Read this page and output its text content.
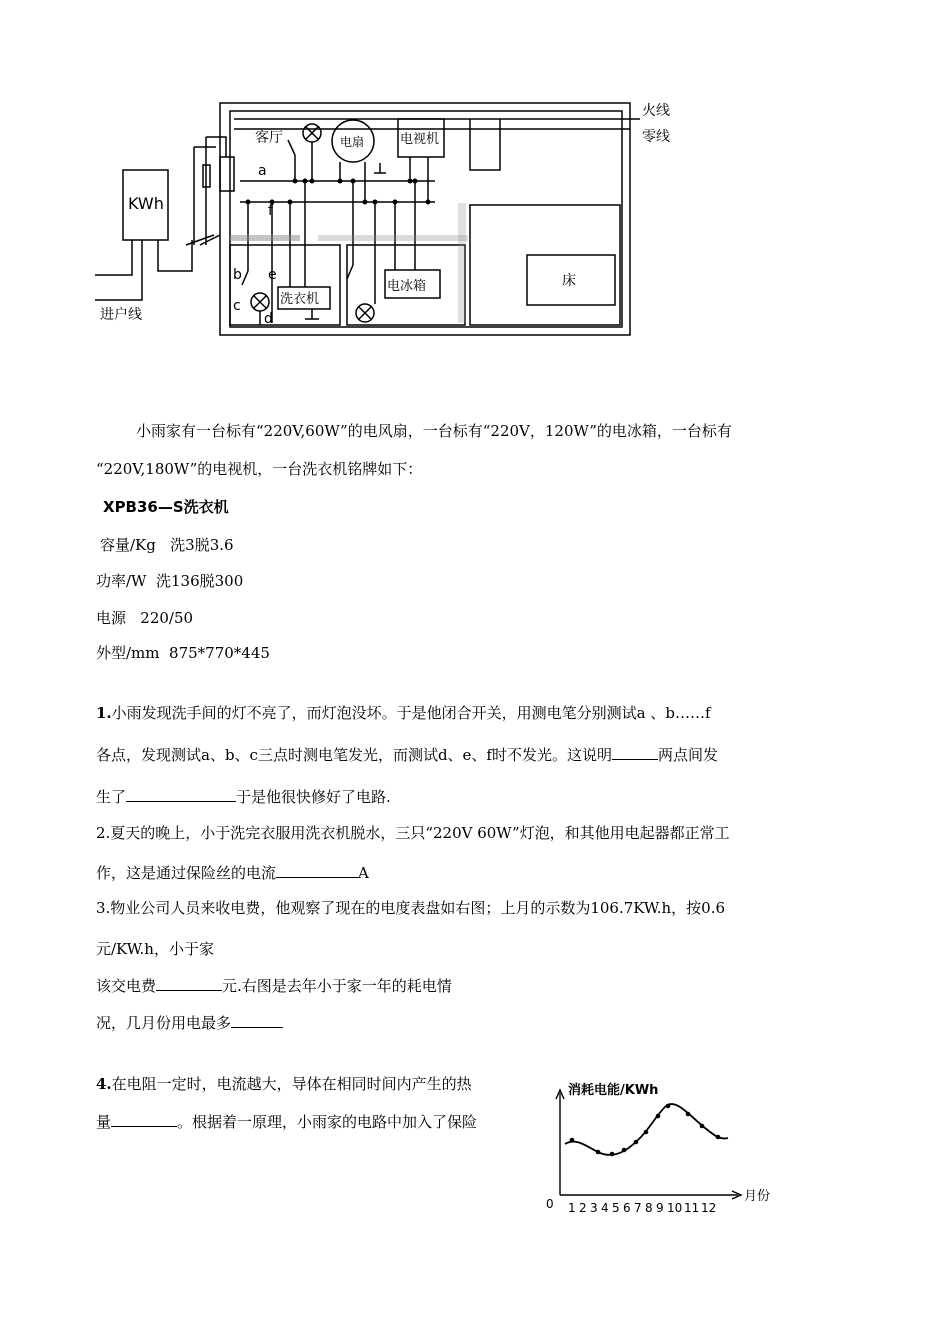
火线
零线
KWh
进户线
客厅	电扇	电视机
电冰箱
洗衣机
床
a
f
b
c
d
e
小雨家有一台标有“220V,60W”的电风扇，一台标有“220V，120W”的电冰箱，一台标有
“220V,180W”的电视机，一台洗衣机铭牌如下：
XPB36—S洗衣机
容量/Kg   洗3脱3.6
功率/W  洗136脱300
电源   220/50
外型/mm  875*770*445
1.小雨发现洗手间的灯不亮了，而灯泡没坏。于是他闭合开关，用测电笔分别测试a 、b……f
各点，发现测试a、b、c三点时测电笔发光，而测试d、e、f时不发光。这说明	两点间发
生了	于是他很快修好了电路.
2.夏天的晚上，小于洗完衣服用洗衣机脱水，三只“220V 60W”灯泡，和其他用电起器都正常工
作，这是通过保险丝的电流	A
3.物业公司人员来收电费，他观察了现在的电度表盘如右图；上月的示数为106.7KW.h，按0.6
元/KW.h，小于家
该交电费	元.右图是去年小于家一年的耗电情
况，几月份用电最多
4.在电阻一定时，电流越大，导体在相同时间内产生的热
量	。根据着一原理，小雨家的电路中加入了保险
消耗电能/KWh
月份
0 1 2 3 4 5 6 7 8 9 10 11 12
